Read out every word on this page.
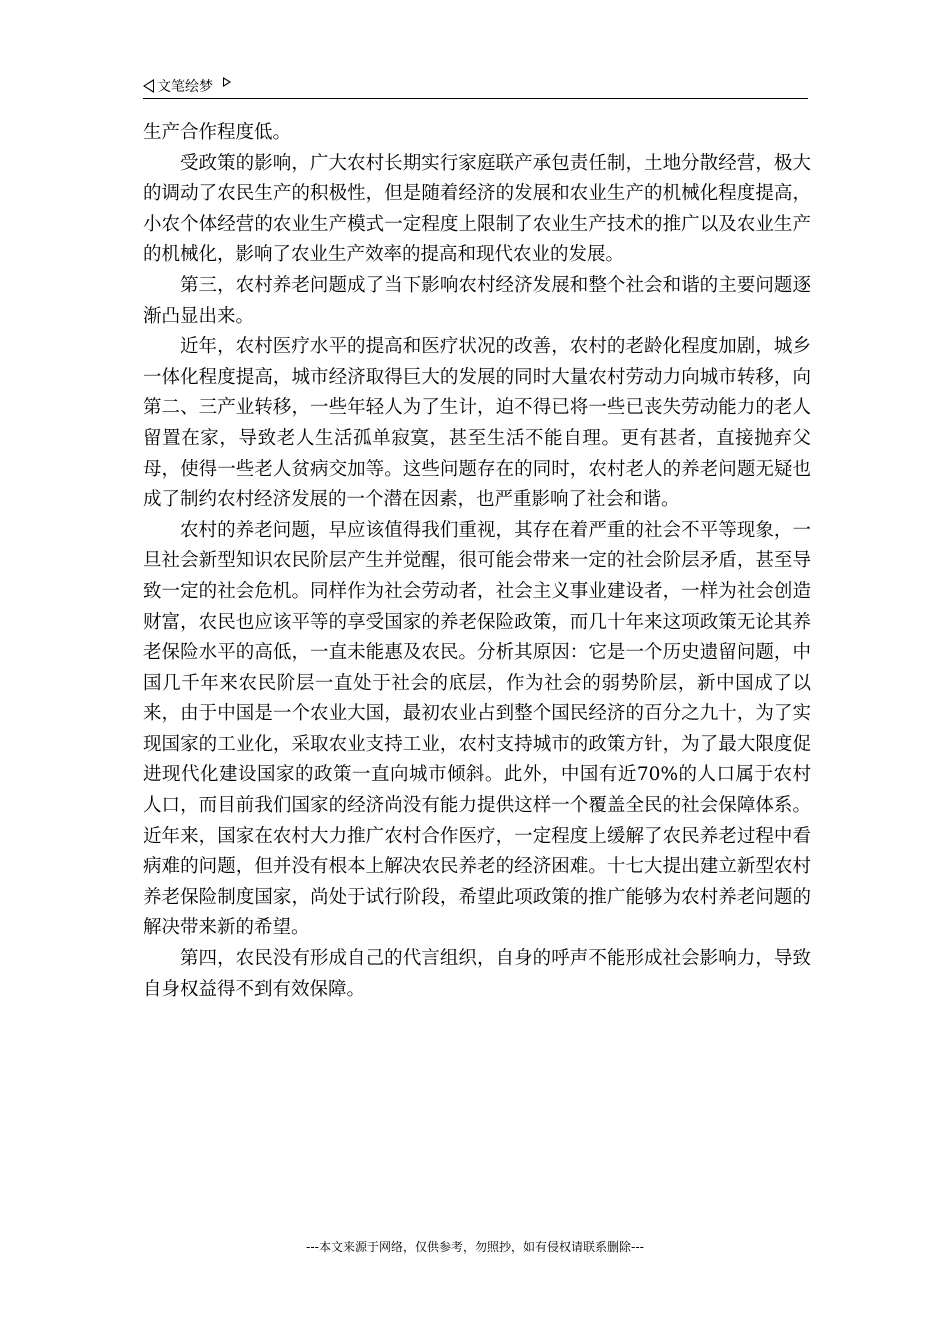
文笔绘梦

生产合作程度低。

受政策的影响，广大农村长期实行家庭联产承包责任制，土地分散经营，极大的调动了农民生产的积极性，但是随着经济的发展和农业生产的机械化程度提高，小农个体经营的农业生产模式一定程度上限制了农业生产技术的推广以及农业生产的机械化，影响了农业生产效率的提高和现代农业的发展。

第三，农村养老问题成了当下影响农村经济发展和整个社会和谐的主要问题逐渐凸显出来。

近年，农村医疗水平的提高和医疗状况的改善，农村的老龄化程度加剧，城乡一体化程度提高，城市经济取得巨大的发展的同时大量农村劳动力向城市转移，向第二、三产业转移，一些年轻人为了生计，迫不得已将一些已丧失劳动能力的老人留置在家，导致老人生活孤单寂寞，甚至生活不能自理。更有甚者，直接抛弃父母，使得一些老人贫病交加等。这些问题存在的同时，农村老人的养老问题无疑也成了制约农村经济发展的一个潜在因素，也严重影响了社会和谐。

农村的养老问题，早应该值得我们重视，其存在着严重的社会不平等现象，一旦社会新型知识农民阶层产生并觉醒，很可能会带来一定的社会阶层矛盾，甚至导致一定的社会危机。同样作为社会劳动者，社会主义事业建设者，一样为社会创造财富，农民也应该平等的享受国家的养老保险政策，而几十年来这项政策无论其养老保险水平的高低，一直未能惠及农民。分析其原因：它是一个历史遗留问题，中国几千年来农民阶层一直处于社会的底层，作为社会的弱势阶层，新中国成了以来，由于中国是一个农业大国，最初农业占到整个国民经济的百分之九十，为了实现国家的工业化，采取农业支持工业，农村支持城市的政策方针，为了最大限度促进现代化建设国家的政策一直向城市倾斜。此外，中国有近70%的人口属于农村人口，而目前我们国家的经济尚没有能力提供这样一个覆盖全民的社会保障体系。近年来，国家在农村大力推广农村合作医疗，一定程度上缓解了农民养老过程中看病难的问题，但并没有根本上解决农民养老的经济困难。十七大提出建立新型农村养老保险制度国家，尚处于试行阶段，希望此项政策的推广能够为农村养老问题的解决带来新的希望。

第四，农民没有形成自己的代言组织，自身的呼声不能形成社会影响力，导致自身权益得不到有效保障。

---本文来源于网络，仅供参考，勿照抄，如有侵权请联系删除---
